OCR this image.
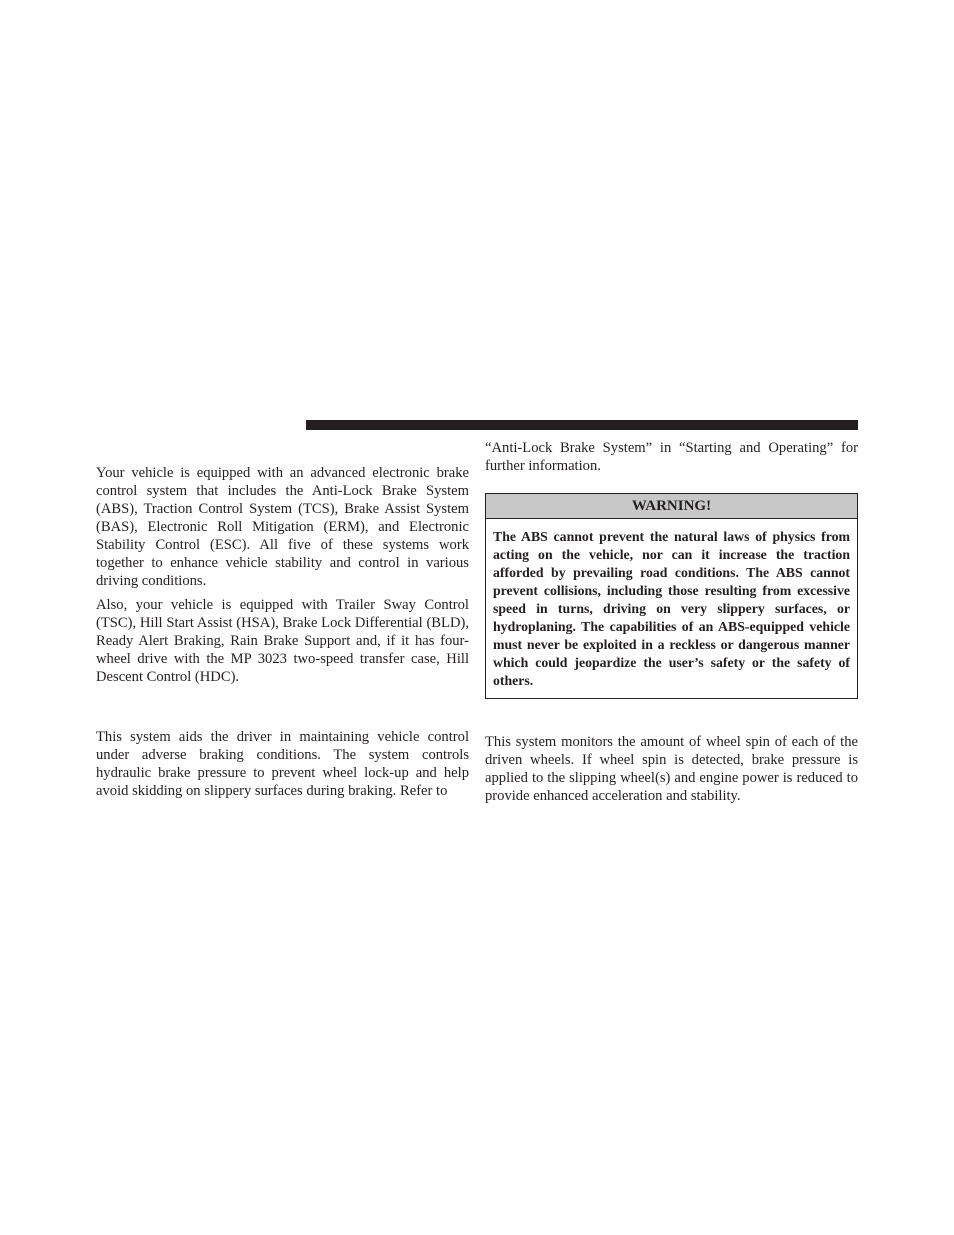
Your vehicle is equipped with an advanced electronic brake control system that includes the Anti-Lock Brake System (ABS), Traction Control System (TCS), Brake Assist System (BAS), Electronic Roll Mitigation (ERM), and Electronic Stability Control (ESC). All five of these systems work together to enhance vehicle stability and control in various driving conditions.

Also, your vehicle is equipped with Trailer Sway Control (TSC), Hill Start Assist (HSA), Brake Lock Differential (BLD), Ready Alert Braking, Rain Brake Support and, if it has four-wheel drive with the MP 3023 two-speed transfer case, Hill Descent Control (HDC).

This system aids the driver in maintaining vehicle control under adverse braking conditions. The system controls hydraulic brake pressure to prevent wheel lock-up and help avoid skidding on slippery surfaces during braking. Refer to

“Anti-Lock Brake System” in “Starting and Operating” for further information.

WARNING!
The ABS cannot prevent the natural laws of physics from acting on the vehicle, nor can it increase the traction afforded by prevailing road conditions. The ABS cannot prevent collisions, including those resulting from excessive speed in turns, driving on very slippery surfaces, or hydroplaning. The capabilities of an ABS-equipped vehicle must never be exploited in a reckless or dangerous manner which could jeopardize the user’s safety or the safety of others.

This system monitors the amount of wheel spin of each of the driven wheels. If wheel spin is detected, brake pressure is applied to the slipping wheel(s) and engine power is reduced to provide enhanced acceleration and stability.
